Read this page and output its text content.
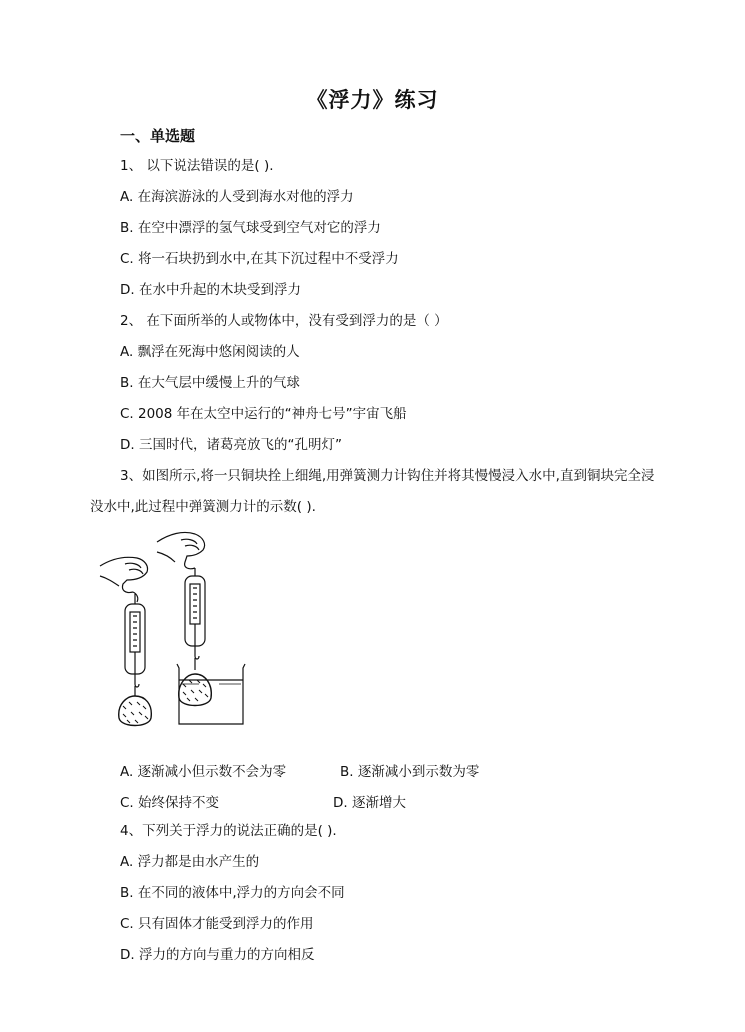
《浮力》练习
一、单选题
1、 以下说法错误的是( ).
A. 在海滨游泳的人受到海水对他的浮力
B. 在空中漂浮的氢气球受到空气对它的浮力
C. 将一石块扔到水中,在其下沉过程中不受浮力
D. 在水中升起的木块受到浮力
2、 在下面所举的人或物体中，没有受到浮力的是（ ）
A. 飘浮在死海中悠闲阅读的人
B. 在大气层中缓慢上升的气球
C. 2008 年在太空中运行的“神舟七号”宇宙飞船
D. 三国时代，诸葛亮放飞的“孔明灯”
3、如图所示,将一只铜块拴上细绳,用弹簧测力计钩住并将其慢慢浸入水中,直到铜块完全浸没水中,此过程中弹簧测力计的示数( ).
A. 逐渐减小但示数不会为零	B. 逐渐减小到示数为零
C. 始终保持不变	D. 逐渐增大
4、下列关于浮力的说法正确的是( ).
A. 浮力都是由水产生的
B. 在不同的液体中,浮力的方向会不同
C. 只有固体才能受到浮力的作用
D. 浮力的方向与重力的方向相反
